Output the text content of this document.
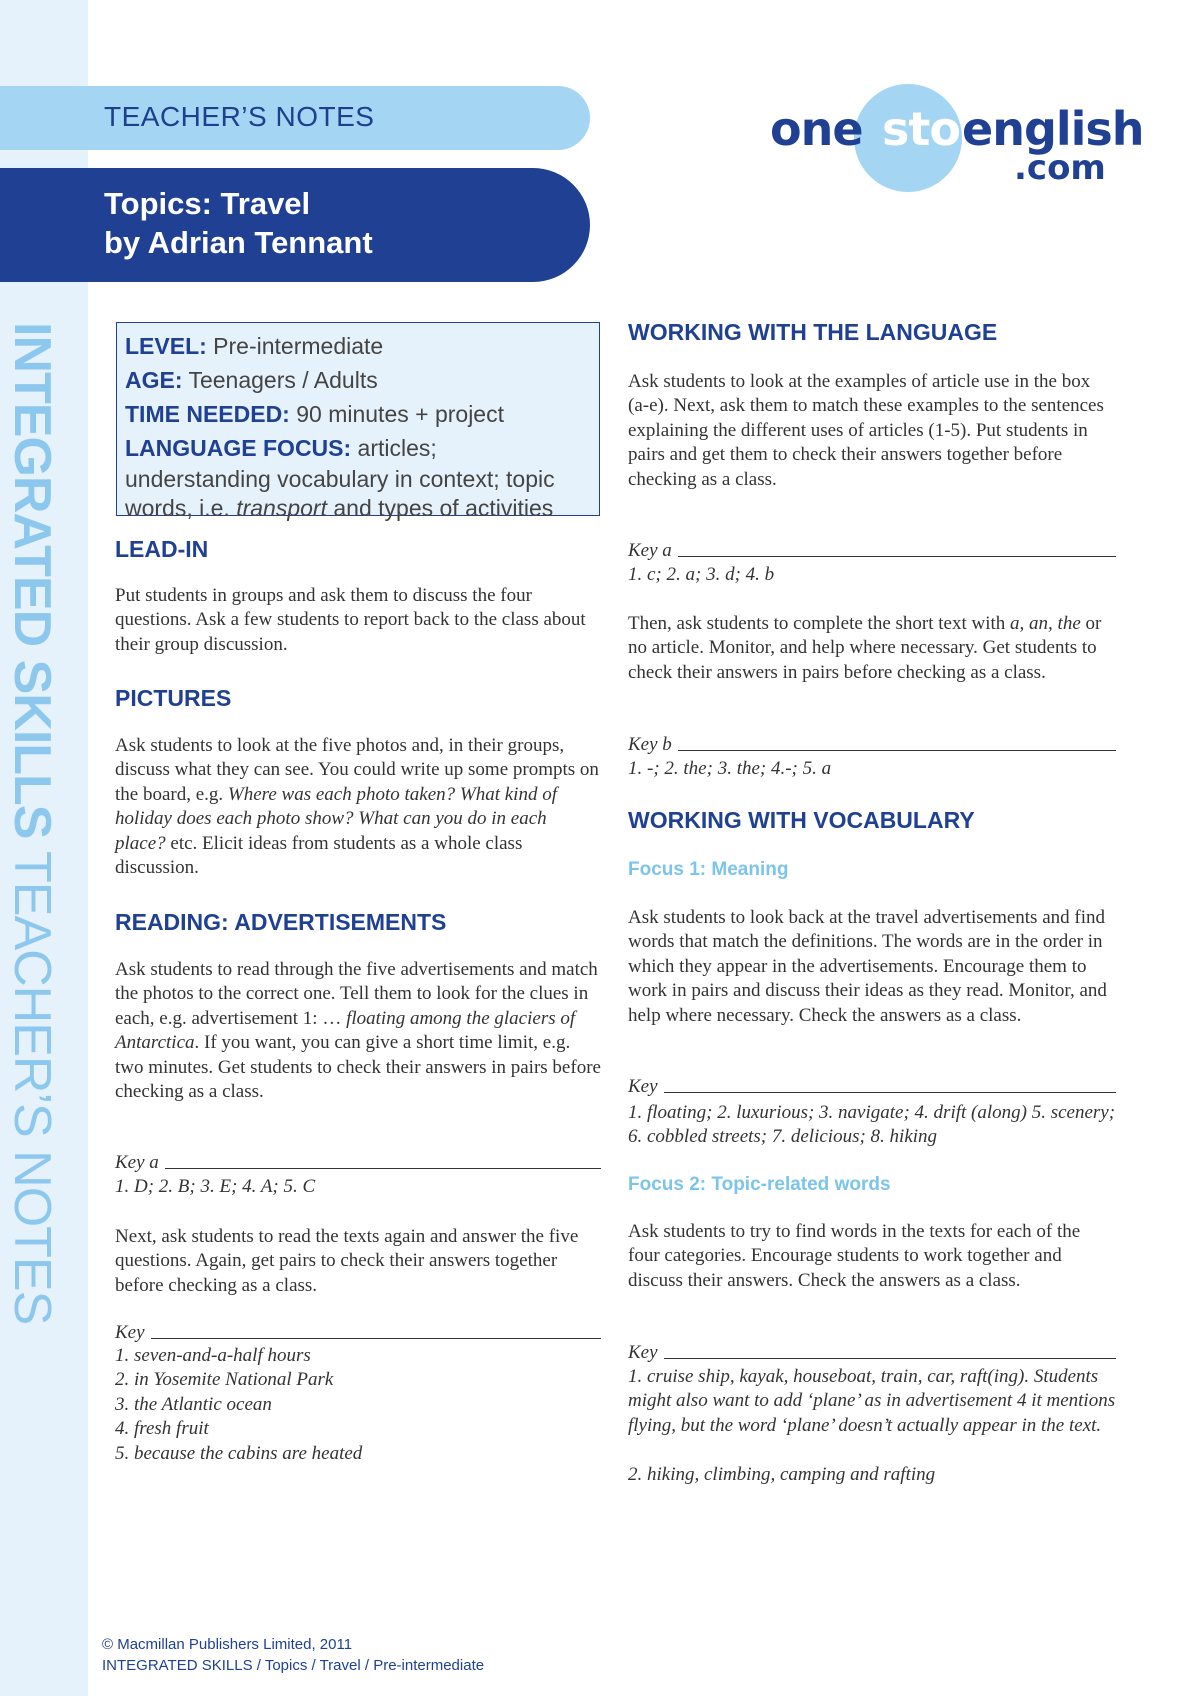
INTEGRATED SKILLS TEACHER’S NOTES
TEACHER’S NOTES
Topics: Travel
by Adrian Tennant
one stop
english
.com
LEVEL: Pre-intermediate
AGE: Teenagers / Adults
TIME NEEDED: 90 minutes + project
LANGUAGE FOCUS: articles;
understanding vocabulary in context; topic
words, i.e. transport and types of activities
LEAD-IN

Put students in groups and ask them to discuss the four questions. Ask a few students to report back to the class about their group discussion.

PICTURES

Ask students to look at the five photos and, in their groups, discuss what they can see. You could write up some prompts on the board, e.g. Where was each photo taken? What kind of holiday does each photo show? What can you do in each place? etc. Elicit ideas from students as a whole class discussion.

READING: ADVERTISEMENTS

Ask students to read through the five advertisements and match the photos to the correct one. Tell them to look for the clues in each, e.g. advertisement 1: … floating among the glaciers of Antarctica. If you want, you can give a short time limit, e.g. two minutes. Get students to check their answers in pairs before checking as a class.

Key a

1. D; 2. B; 3. E; 4. A; 5. C

Next, ask students to read the texts again and answer the five questions. Again, get pairs to check their answers together before checking as a class.

Key

1. seven-and-a-half hours

2. in Yosemite National Park

3. the Atlantic ocean

4. fresh fruit

5. because the cabins are heated

WORKING WITH THE LANGUAGE

Ask students to look at the examples of article use in the box (a-e). Next, ask them to match these examples to the sentences explaining the different uses of articles (1-5). Put students in pairs and get them to check their answers together before checking as a class.

Key a

1. c; 2. a; 3. d; 4. b

Then, ask students to complete the short text with a, an, the or no article. Monitor, and help where necessary. Get students to check their answers in pairs before checking as a class.

Key b

1. -; 2. the; 3. the; 4.-; 5. a

WORKING WITH VOCABULARY
Focus 1: Meaning

Ask students to look back at the travel advertisements and find words that match the definitions. The words are in the order in which they appear in the advertisements. Encourage them to work in pairs and discuss their ideas as they read. Monitor, and help where necessary. Check the answers as a class.

Key

1. floating; 2. luxurious; 3. navigate; 4. drift (along) 5. scenery; 6. cobbled streets; 7. delicious; 8. hiking

Focus 2: Topic-related words

Ask students to try to find words in the texts for each of the four categories. Encourage students to work together and discuss their answers. Check the answers as a class.

Key

1. cruise ship, kayak, houseboat, train, car, raft(ing). Students might also want to add ‘plane’ as in advertisement 4 it mentions flying, but the word ‘plane’ doesn’t actually appear in the text.

2. hiking, climbing, camping and rafting

© Macmillan Publishers Limited, 2011
INTEGRATED SKILLS / Topics / Travel / Pre-intermediate
